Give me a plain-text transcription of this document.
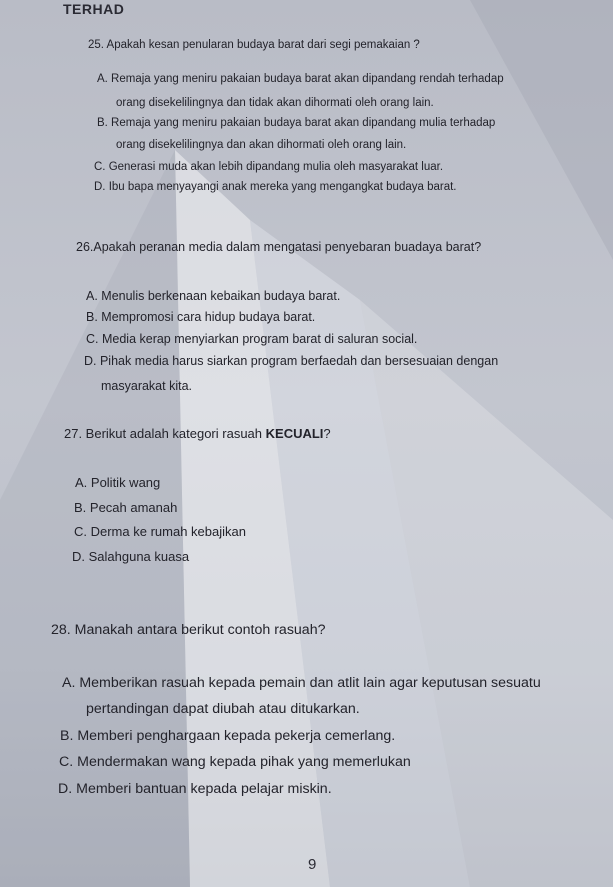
TERHAD
25. Apakah kesan penularan budaya barat dari segi pemakaian ?
A. Remaja yang meniru pakaian budaya barat akan dipandang rendah terhadap
orang disekelilingnya dan tidak akan dihormati oleh orang lain.
B. Remaja yang meniru pakaian budaya barat akan dipandang mulia terhadap
orang disekelilingnya dan akan dihormati oleh orang lain.
C. Generasi muda akan lebih dipandang mulia oleh masyarakat luar.
D. Ibu bapa menyayangi anak mereka yang mengangkat budaya barat.
26.Apakah peranan media dalam mengatasi penyebaran buadaya barat?
A. Menulis berkenaan kebaikan budaya barat.
B. Mempromosi cara hidup budaya barat.
C. Media kerap menyiarkan program barat di saluran social.
D. Pihak media harus siarkan program berfaedah dan bersesuaian dengan
masyarakat kita.
27. Berikut adalah kategori rasuah KECUALI?
A. Politik wang
B. Pecah amanah
C. Derma ke rumah kebajikan
D. Salahguna kuasa
28. Manakah antara berikut contoh rasuah?
A. Memberikan rasuah kepada pemain dan atlit lain agar keputusan sesuatu
pertandingan dapat diubah atau ditukarkan.
B. Memberi penghargaan kepada pekerja cemerlang.
C. Mendermakan wang kepada pihak yang memerlukan
D. Memberi bantuan kepada pelajar miskin.
9
